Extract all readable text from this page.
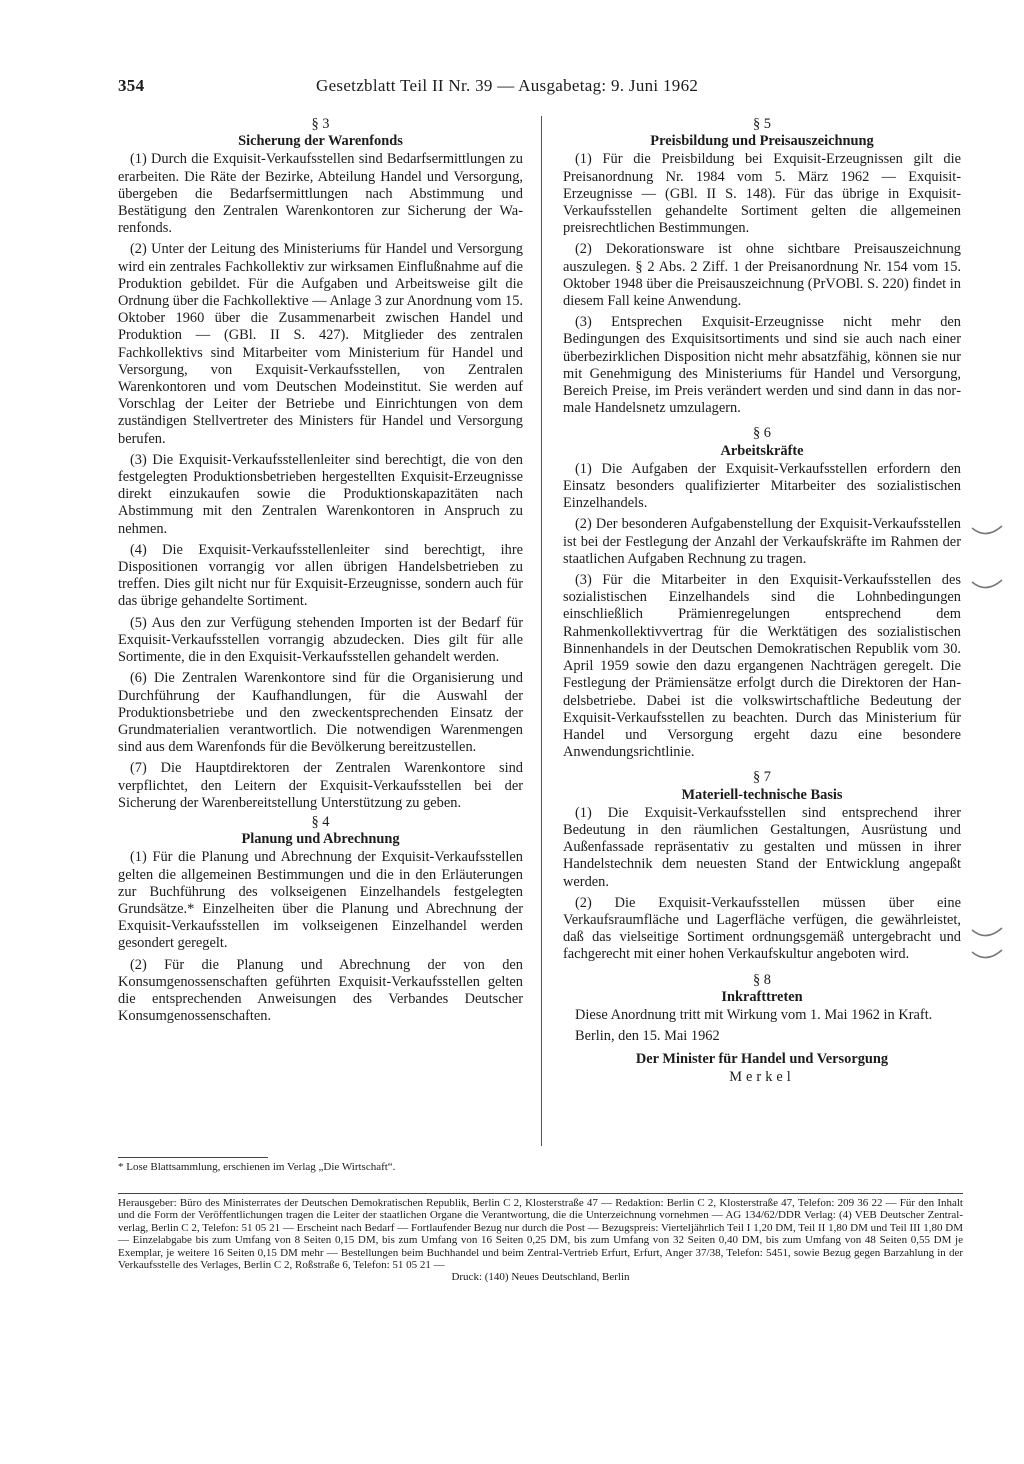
354	Gesetzblatt Teil II Nr. 39 — Ausgabetag: 9. Juni 1962
§ 3
Sicherung der Warenfonds

(1) Durch die Exquisit-Verkaufsstellen sind Bedarfsermittlungen zu erarbeiten. Die Räte der Bezirke, Abteilung Handel und Versorgung, übergeben die Bedarfsermittlungen nach Abstimmung und Bestätigung den Zentralen Warenkontoren zur Sicherung der Warenfonds.

(2) Unter der Leitung des Ministeriums für Handel und Versorgung wird ein zentrales Fachkollektiv zur wirksamen Einflußnahme auf die Produktion gebildet. Für die Aufgaben und Arbeitsweise gilt die Ordnung über die Fachkollektive — Anlage 3 zur Anordnung vom 15. Oktober 1960 über die Zusammenarbeit zwischen Handel und Produktion — (GBl. II S. 427). Mitglieder des zentralen Fachkollektivs sind Mitarbeiter vom Ministerium für Handel und Versorgung, von Exquisit-Verkaufsstellen, von Zentralen Warenkontoren und vom Deutschen Modeinstitut. Sie werden auf Vorschlag der Leiter der Betriebe und Einrichtungen von dem zuständigen Stellvertreter des Ministers für Handel und Versorgung berufen.

(3) Die Exquisit-Verkaufsstellenleiter sind berechtigt, die von den festgelegten Produktionsbetrieben hergestellten Exquisit-Erzeugnisse direkt einzukaufen sowie die Produktionskapazitäten nach Abstimmung mit den Zentralen Warenkontoren in Anspruch zu nehmen.

(4) Die Exquisit-Verkaufsstellenleiter sind berechtigt, ihre Dispositionen vorrangig vor allen übrigen Handelsbetrieben zu treffen. Dies gilt nicht nur für Exquisit-Erzeugnisse, sondern auch für das übrige gehandelte Sortiment.

(5) Aus den zur Verfügung stehenden Importen ist der Bedarf für Exquisit-Verkaufsstellen vorrangig abzudecken. Dies gilt für alle Sortimente, die in den Exquisit-Verkaufsstellen gehandelt werden.

(6) Die Zentralen Warenkontore sind für die Organisierung und Durchführung der Kaufhandlungen, für die Auswahl der Produktionsbetriebe und den zweckentsprechenden Einsatz der Grundmaterialien verantwortlich. Die notwendigen Warenmengen sind aus dem Warenfonds für die Bevölkerung bereitzustellen.

(7) Die Hauptdirektoren der Zentralen Warenkontore sind verpflichtet, den Leitern der Exquisit-Verkaufsstellen bei der Sicherung der Warenbereitstellung Unterstützung zu geben.

§ 4
Planung und Abrechnung

(1) Für die Planung und Abrechnung der Exquisit-Verkaufsstellen gelten die allgemeinen Bestimmungen und die in den Erläuterungen zur Buchführung des volkseigenen Einzelhandels festgelegten Grundsätze.* Einzelheiten über die Planung und Abrechnung der Exquisit-Verkaufsstellen im volkseigenen Einzelhandel werden gesondert geregelt.

(2) Für die Planung und Abrechnung der von den Konsumgenossenschaften geführten Exquisit-Verkaufsstellen gelten die entsprechenden Anweisungen des Verbandes Deutscher Konsumgenossenschaften.

§ 5
Preisbildung und Preisauszeichnung

(1) Für die Preisbildung bei Exquisit-Erzeugnissen gilt die Preisanordnung Nr. 1984 vom 5. März 1962 — Exquisit-Erzeugnisse — (GBl. II S. 148). Für das übrige in Exquisit-Verkaufsstellen gehandelte Sortiment gelten die allgemeinen preisrechtlichen Bestimmungen.

(2) Dekorationsware ist ohne sichtbare Preisauszeichnung auszulegen. § 2 Abs. 2 Ziff. 1 der Preisanordnung Nr. 154 vom 15. Oktober 1948 über die Preisauszeichnung (PrVOBl. S. 220) findet in diesem Fall keine Anwendung.

(3) Entsprechen Exquisit-Erzeugnisse nicht mehr den Bedingungen des Exquisitsortiments und sind sie auch nach einer überbezirklichen Disposition nicht mehr absatzfähig, können sie nur mit Genehmigung des Ministeriums für Handel und Versorgung, Bereich Preise, im Preis verändert werden und sind dann in das normale Handelsnetz umzulagern.

§ 6
Arbeitskräfte

(1) Die Aufgaben der Exquisit-Verkaufsstellen erfordern den Einsatz besonders qualifizierter Mitarbeiter des sozialistischen Einzelhandels.

(2) Der besonderen Aufgabenstellung der Exquisit-Verkaufsstellen ist bei der Festlegung der Anzahl der Verkaufskräfte im Rahmen der staatlichen Aufgaben Rechnung zu tragen.

(3) Für die Mitarbeiter in den Exquisit-Verkaufsstellen des sozialistischen Einzelhandels sind die Lohnbedingungen einschließlich Prämienregelungen entsprechend dem Rahmenkollektivvertrag für die Werktätigen des sozialistischen Binnenhandels in der Deutschen Demokratischen Republik vom 30. April 1959 sowie den dazu ergangenen Nachträgen geregelt. Die Festlegung der Prämiensätze erfolgt durch die Direktoren der Handelsbetriebe. Dabei ist die volkswirtschaftliche Bedeutung der Exquisit-Verkaufsstellen zu beachten. Durch das Ministerium für Handel und Versorgung ergeht dazu eine besondere Anwendungsrichtlinie.

§ 7
Materiell-technische Basis

(1) Die Exquisit-Verkaufsstellen sind entsprechend ihrer Bedeutung in den räumlichen Gestaltungen, Ausrüstung und Außenfassade repräsentativ zu gestalten und müssen in ihrer Handelstechnik dem neuesten Stand der Entwicklung angepaßt werden.

(2) Die Exquisit-Verkaufsstellen müssen über eine Verkaufsraumfläche und Lagerfläche verfügen, die gewährleistet, daß das vielseitige Sortiment ordnungsgemäß untergebracht und fachgerecht mit einer hohen Verkaufskultur angeboten wird.

§ 8
Inkrafttreten

Diese Anordnung tritt mit Wirkung vom 1. Mai 1962 in Kraft.

Berlin, den 15. Mai 1962

Der Minister für Handel und Versorgung

Merkel

* Lose Blattsammlung, erschienen im Verlag „Die Wirtschaft“.
Herausgeber: Büro des Ministerrates der Deutschen Demokratischen Republik, Berlin C 2, Klosterstraße 47 — Redaktion: Berlin C 2, Klosterstraße 47, Telefon: 209 36 22 — Für den Inhalt und die Form der Veröffentlichungen tragen die Leiter der staatlichen Organe die Verantwortung, die die Unterzeichnung vornehmen — AG 134/62/DDR Verlag: (4) VEB Deutscher Zentralverlag, Berlin C 2, Telefon: 51 05 21 — Erscheint nach Bedarf — Fortlaufender Bezug nur durch die Post — Bezugspreis: Vierteljährlich Teil I 1,20 DM, Teil II 1,80 DM und Teil III 1,80 DM — Einzelabgabe bis zum Umfang von 8 Seiten 0,15 DM, bis zum Umfang von 16 Seiten 0,25 DM, bis zum Umfang von 32 Seiten 0,40 DM, bis zum Umfang von 48 Seiten 0,55 DM je Exemplar, je weitere 16 Seiten 0,15 DM mehr — Bestellungen beim Buchhandel und beim Zentral-Vertrieb Erfurt, Erfurt, Anger 37/38, Telefon: 5451, sowie Bezug gegen Barzahlung in der Verkaufsstelle des Verlages, Berlin C 2, Roßstraße 6, Telefon: 51 05 21 —
Druck: (140) Neues Deutschland, Berlin
